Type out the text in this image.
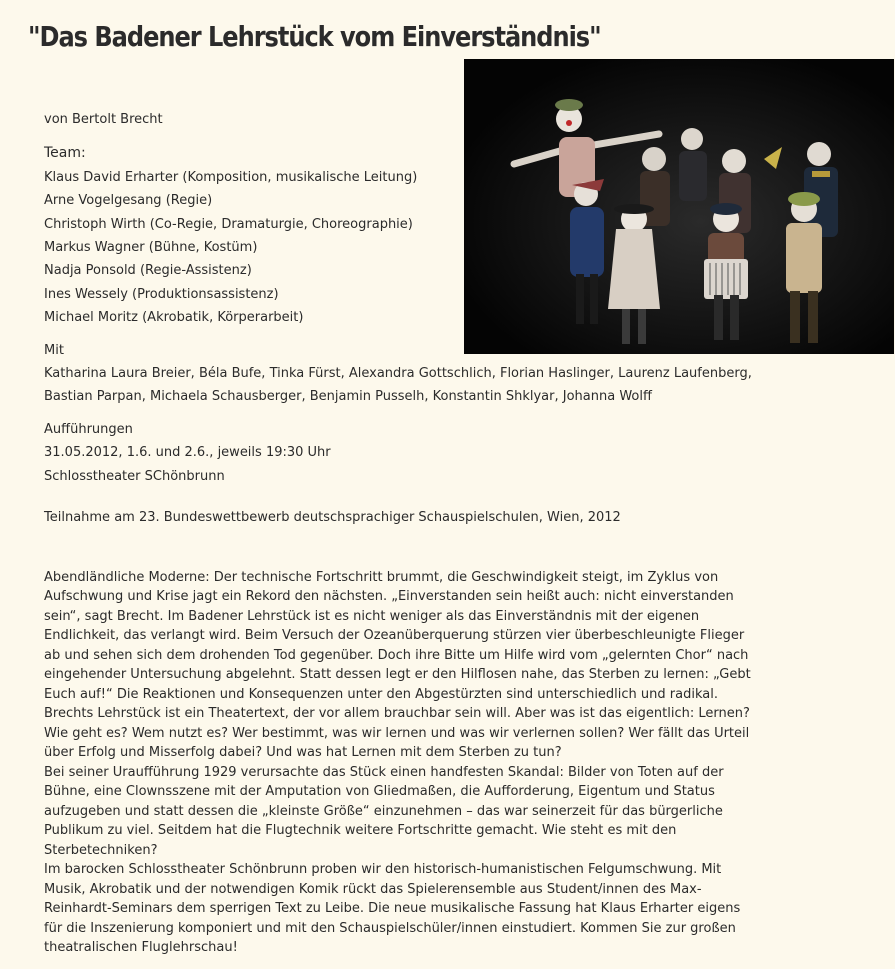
"Das Badener Lehrstück vom Einverständnis"

von Bertolt Brecht

Team:

Klaus David Erharter (Komposition, musikalische Leitung)

Arne Vogelgesang (Regie)

Christoph Wirth (Co-Regie, Dramaturgie, Choreographie)

Markus Wagner (Bühne, Kostüm)

Nadja Ponsold (Regie-Assistenz)

Ines Wessely (Produktionsassistenz)

Michael Moritz (Akrobatik, Körperarbeit)

Mit

Katharina Laura Breier, Béla Bufe, Tinka Fürst, Alexandra Gottschlich, Florian Haslinger, Laurenz Laufenberg,

Bastian Parpan, Michaela Schausberger, Benjamin Pusselh, Konstantin Shklyar, Johanna Wolff

Aufführungen

31.05.2012, 1.6. und 2.6., jeweils 19:30 Uhr

Schlosstheater SChönbrunn

Teilnahme am 23. Bundeswettbewerb deutschsprachiger Schauspielschulen, Wien, 2012

Abendländliche Moderne: Der technische Fortschritt brummt, die Geschwindigkeit steigt, im Zyklus von Aufschwung und Krise jagt ein Rekord den nächsten. „Einverstanden sein heißt auch: nicht einverstanden sein“, sagt Brecht. Im Badener Lehrstück ist es nicht weniger als das Einverständnis mit der eigenen Endlichkeit, das verlangt wird. Beim Versuch der Ozeanüberquerung stürzen vier überbeschleunigte Flieger ab und sehen sich dem drohenden Tod gegenüber. Doch ihre Bitte um Hilfe wird vom „gelernten Chor“ nach eingehender Untersuchung abgelehnt. Statt dessen legt er den Hilflosen nahe, das Sterben zu lernen: „Gebt Euch auf!“ Die Reaktionen und Konsequenzen unter den Abgestürzten sind unterschiedlich und radikal.

Brechts Lehrstück ist ein Theatertext, der vor allem brauchbar sein will. Aber was ist das eigentlich: Lernen? Wie geht es? Wem nutzt es? Wer bestimmt, was wir lernen und was wir verlernen sollen? Wer fällt das Urteil über Erfolg und Misserfolg dabei? Und was hat Lernen mit dem Sterben zu tun?

Bei seiner Uraufführung 1929 verursachte das Stück einen handfesten Skandal: Bilder von Toten auf der Bühne, eine Clownsszene mit der Amputation von Gliedmaßen, die Aufforderung, Eigentum und Status aufzugeben und statt dessen die „kleinste Größe“ einzunehmen – das war seinerzeit für das bürgerliche Publikum zu viel. Seitdem hat die Flugtechnik weitere Fortschritte gemacht. Wie steht es mit den Sterbetechniken?

Im barocken Schlosstheater Schönbrunn proben wir den historisch-humanistischen Felgumschwung. Mit Musik, Akrobatik und der notwendigen Komik rückt das Spielerensemble aus Student/innen des Max-Reinhardt-Seminars dem sperrigen Text zu Leibe. Die neue musikalische Fassung hat Klaus Erharter eigens für die Inszenierung komponiert und mit den Schauspielschüler/innen einstudiert. Kommen Sie zur großen theatralischen Fluglehrschau!
